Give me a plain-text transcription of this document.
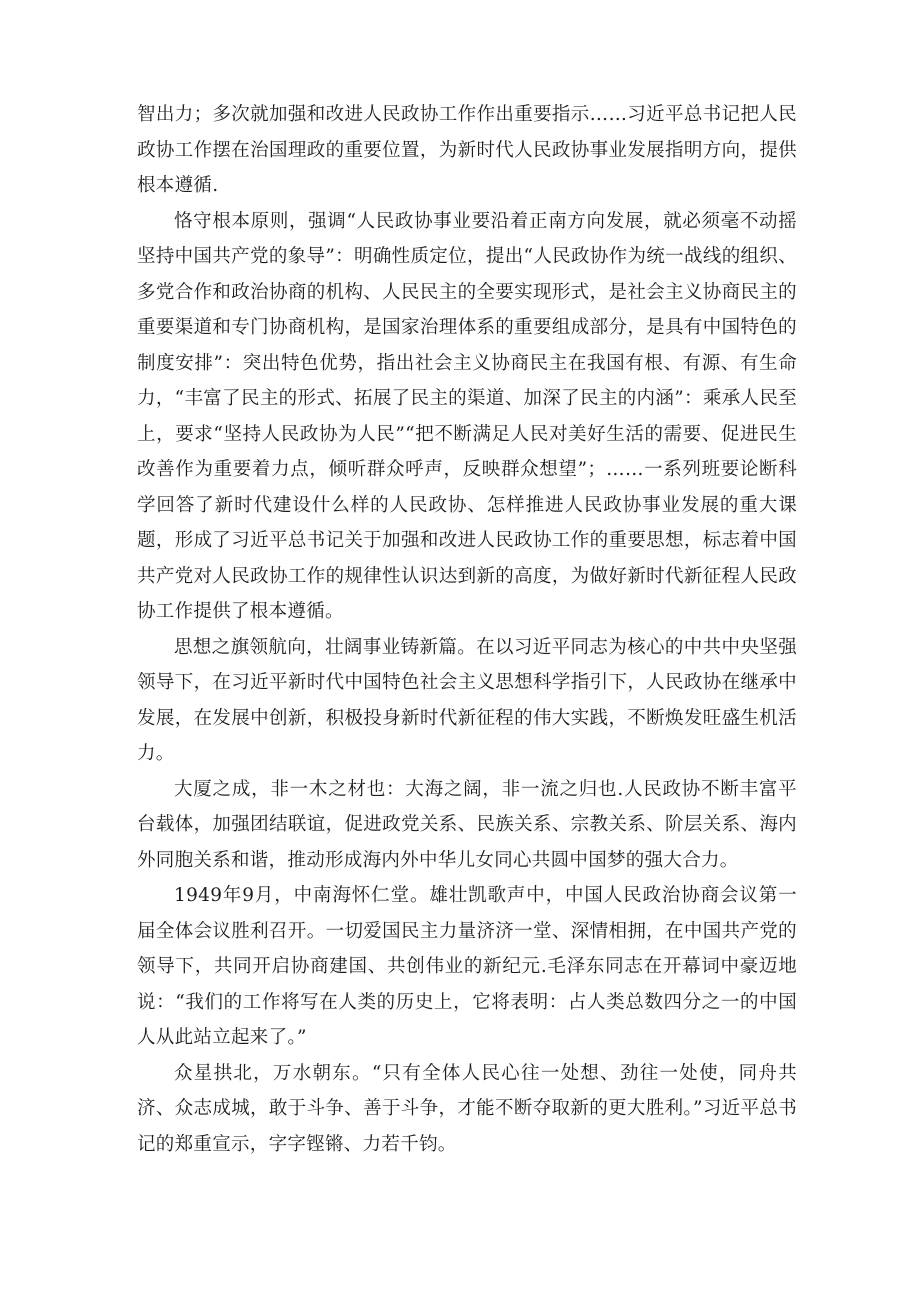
智出力；多次就加强和改进人民政协工作作出重要指示……习近平总书记把人民政协工作摆在治国理政的重要位置，为新时代人民政协事业发展指明方向，提供根本遵循.

恪守根本原则，强调“人民政协事业要沿着正南方向发展，就必须毫不动摇坚持中国共产党的象导”：明确性质定位，提出“人民政协作为统一战线的组织、多党合作和政治协商的机构、人民民主的全要实现形式，是社会主义协商民主的重要渠道和专门协商机构，是国家治理体系的重要组成部分，是具有中国特色的制度安排”：突出特色优势，指出社会主义协商民主在我国有根、有源、有生命力，“丰富了民主的形式、拓展了民主的渠道、加深了民主的内涵”：乘承人民至上，要求“坚持人民政协为人民”“把不断满足人民对美好生活的需要、促进民生改善作为重要着力点，倾听群众呼声，反映群众想望”；……一系列班要论断科学回答了新时代建设什么样的人民政协、怎样推进人民政协事业发展的重大课题，形成了习近平总书记关于加强和改进人民政协工作的重要思想，标志着中国共产党对人民政协工作的规律性认识达到新的高度，为做好新时代新征程人民政协工作提供了根本遵循。

思想之旗领航向，壮阔事业铸新篇。在以习近平同志为核心的中共中央坚强领导下，在习近平新时代中国特色社会主义思想科学指引下，人民政协在继承中发展，在发展中创新，积极投身新时代新征程的伟大实践，不断焕发旺盛生机活力。

大厦之成，非一木之材也：大海之阔，非一流之归也.人民政协不断丰富平台载体，加强团结联谊，促进政党关系、民族关系、宗教关系、阶层关系、海内外同胞关系和谐，推动形成海内外中华儿女同心共圆中国梦的强大合力。

1949年9月，中南海怀仁堂。雄壮凯歌声中，中国人民政治协商会议第一届全体会议胜利召开。一切爱国民主力量济济一堂、深情相拥，在中国共产党的领导下，共同开启协商建国、共创伟业的新纪元.毛泽东同志在开幕词中豪迈地说：“我们的工作将写在人类的历史上，它将表明：占人类总数四分之一的中国人从此站立起来了。”

众星拱北，万水朝东。“只有全体人民心往一处想、劲往一处使，同舟共济、众志成城，敢于斗争、善于斗争，才能不断夺取新的更大胜利。”习近平总书记的郑重宣示，字字铿锵、力若千钧。
